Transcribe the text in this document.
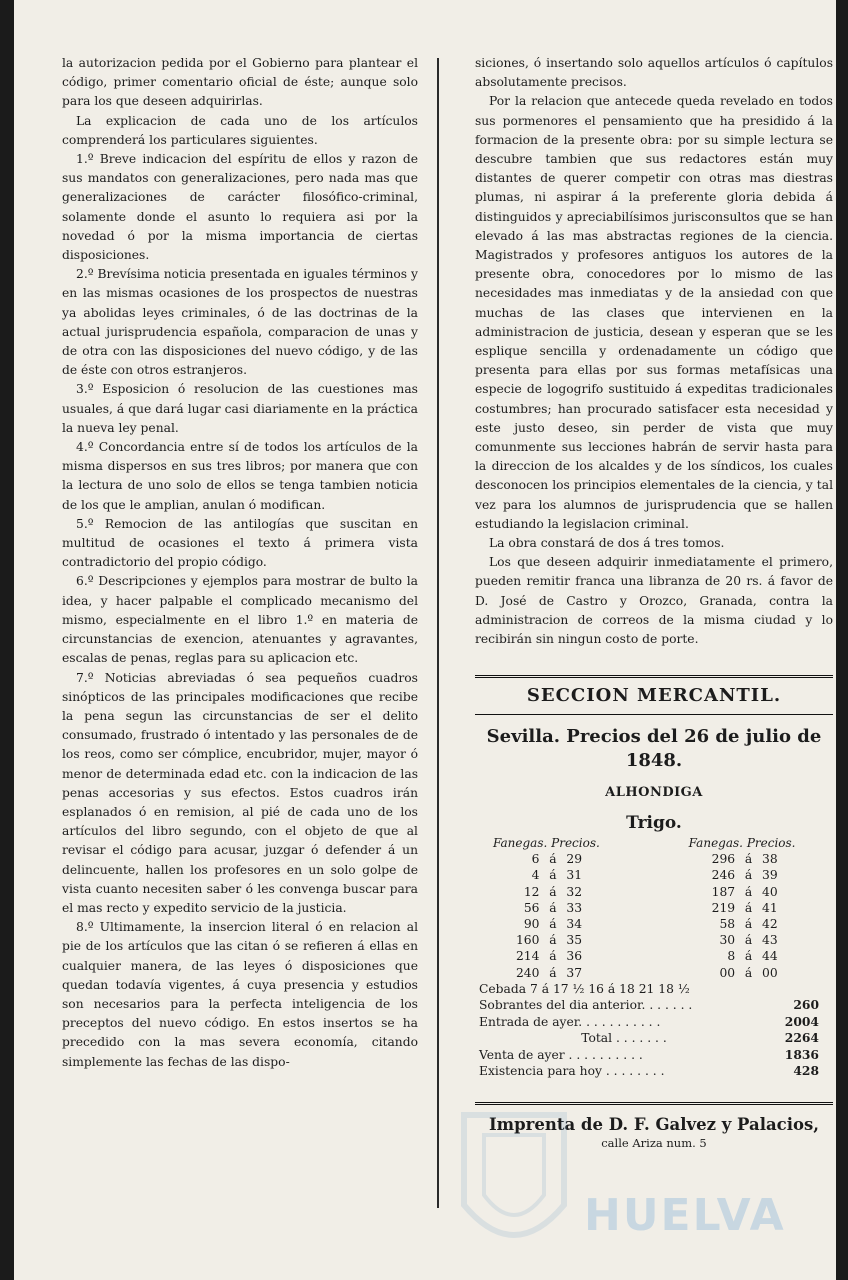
la autorizacion pedida por el Gobierno para plantear el código, primer comentario oficial de éste; aunque solo para los que deseen adquirirlas.

La explicacion de cada uno de los artículos comprenderá los particulares siguientes.

1.º Breve indicacion del espíritu de ellos y razon de sus mandatos con generalizaciones, pero nada mas que generalizaciones de carácter filosófico-criminal, solamente donde el asunto lo requiera asi por la novedad ó por la misma importancia de ciertas disposiciones.

2.º Brevísima noticia presentada en iguales términos y en las mismas ocasiones de los prospectos de nuestras ya abolidas leyes criminales, ó de las doctrinas de la actual jurisprudencia española, comparacion de unas y de otra con las disposiciones del nuevo código, y de las de éste con otros estranjeros.

3.º Esposicion ó resolucion de las cuestiones mas usuales, á que dará lugar casi diariamente en la práctica la nueva ley penal.

4.º Concordancia entre sí de todos los artículos de la misma dispersos en sus tres libros; por manera que con la lectura de uno solo de ellos se tenga tambien noticia de los que le amplian, anulan ó modifican.

5.º Remocion de las antilogías que suscitan en multitud de ocasiones el texto á primera vista contradictorio del propio código.

6.º Descripciones y ejemplos para mostrar de bulto la idea, y hacer palpable el complicado mecanismo del mismo, especialmente en el libro 1.º en materia de circunstancias de exencion, atenuantes y agravantes, escalas de penas, reglas para su aplicacion etc.

7.º Noticias abreviadas ó sea pequeños cuadros sinópticos de las principales modificaciones que recibe la pena segun las circunstancias de ser el delito consumado, frustrado ó intentado y las personales de de los reos, como ser cómplice, encubridor, mujer, mayor ó menor de determinada edad etc. con la indicacion de las penas accesorias y sus efectos. Estos cuadros irán esplanados ó en remision, al pié de cada uno de los artículos del libro segundo, con el objeto de que al revisar el código para acusar, juzgar ó defender á un delincuente, hallen los profesores en un solo golpe de vista cuanto necesiten saber ó les convenga buscar para el mas recto y expedito servicio de la justicia.

8.º Ultimamente, la insercion literal ó en relacion al pie de los artículos que las citan ó se refieren á ellas en cualquier manera, de las leyes ó disposiciones que quedan todavía vigentes, á cuya presencia y estudios son necesarios para la perfecta inteligencia de los preceptos del nuevo código. En estos insertos se ha precedido con la mas severa economía, citando simplemente las fechas de las dispo-

siciones, ó insertando solo aquellos artículos ó capítulos absolutamente precisos.

Por la relacion que antecede queda revelado en todos sus pormenores el pensamiento que ha presidido á la formacion de la presente obra: por su simple lectura se descubre tambien que sus redactores están muy distantes de querer competir con otras mas diestras plumas, ni aspirar á la preferente gloria debida á distinguidos y apreciabilísimos jurisconsultos que se han elevado á las mas abstractas regiones de la ciencia. Magistrados y profesores antiguos los autores de la presente obra, conocedores por lo mismo de las necesidades mas inmediatas y de la ansiedad con que muchas de las clases que intervienen en la administracion de justicia, desean y esperan que se les esplique sencilla y ordenadamente un código que presenta para ellas por sus formas metafísicas una especie de logogrifo sustituido á expeditas tradicionales costumbres; han procurado satisfacer esta necesidad y este justo deseo, sin perder de vista que muy comunmente sus lecciones habrán de servir hasta para la direccion de los alcaldes y de los síndicos, los cuales desconocen los principios elementales de la ciencia, y tal vez para los alumnos de jurisprudencia que se hallen estudiando la legislacion criminal.

La obra constará de dos á tres tomos.

Los que deseen adquirir inmediatamente el primero, pueden remitir franca una libranza de 20 rs. á favor de D. José de Castro y Orozco, Granada, contra la administracion de correos de la misma ciudad y lo recibirán sin ningun costo de porte.

SECCION MERCANTIL.
Sevilla. Precios del 26 de julio de 1848.
ALHONDIGA
Trigo.
Fanegas. Precios.				Fanegas. Precios.		
6	á	29		296	á	38
4	á	31		246	á	39
12	á	32		187	á	40
56	á	33		219	á	41
90	á	34		58	á	42
160	á	35		30	á	43
214	á	36		8	á	44
240	á	37		00	á	00
Cebada 7 á 17 ½ 16 á 18 21 18 ½
Sobrantes del dia anterior. . . . . . .	260
Entrada de ayer. . . . . . . . . . .	2004
Total . . . . . . .	2264
Venta de ayer . . . . . . . . . .	1836
Existencia para hoy . . . . . . . .	428
Imprenta de D. F. Galvez y Palacios,
calle Ariza num. 5
HUELVA
